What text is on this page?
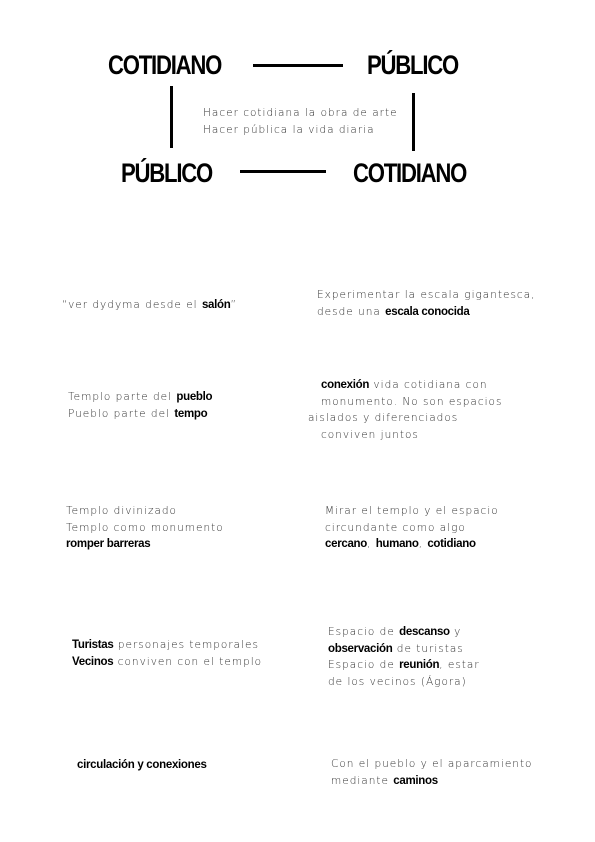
COTIDIANO	PÚBLICO
PÚBLICO	COTIDIANO
Hacer cotidiana la obra de arte
Hacer pública la vida diaria
“ver dydyma desde el salón”
Experimentar la escala gigantesca,
desde una escala conocida
Templo parte del pueblo
Pueblo parte del tempo
conexión vida cotidiana con
monumento. No son espacios
aislados y diferenciados
conviven juntos
Templo divinizado
Templo como monumento
romper barreras
Mirar el templo y el espacio
circundante como algo
cercano, humano, cotidiano
Turistas personajes temporales
Vecinos conviven con el templo
Espacio de descanso y
observación de turistas
Espacio de reunión, estar
de los vecinos (Ágora)
circulación y conexiones	Con el pueblo y el aparcamiento
mediante caminos
